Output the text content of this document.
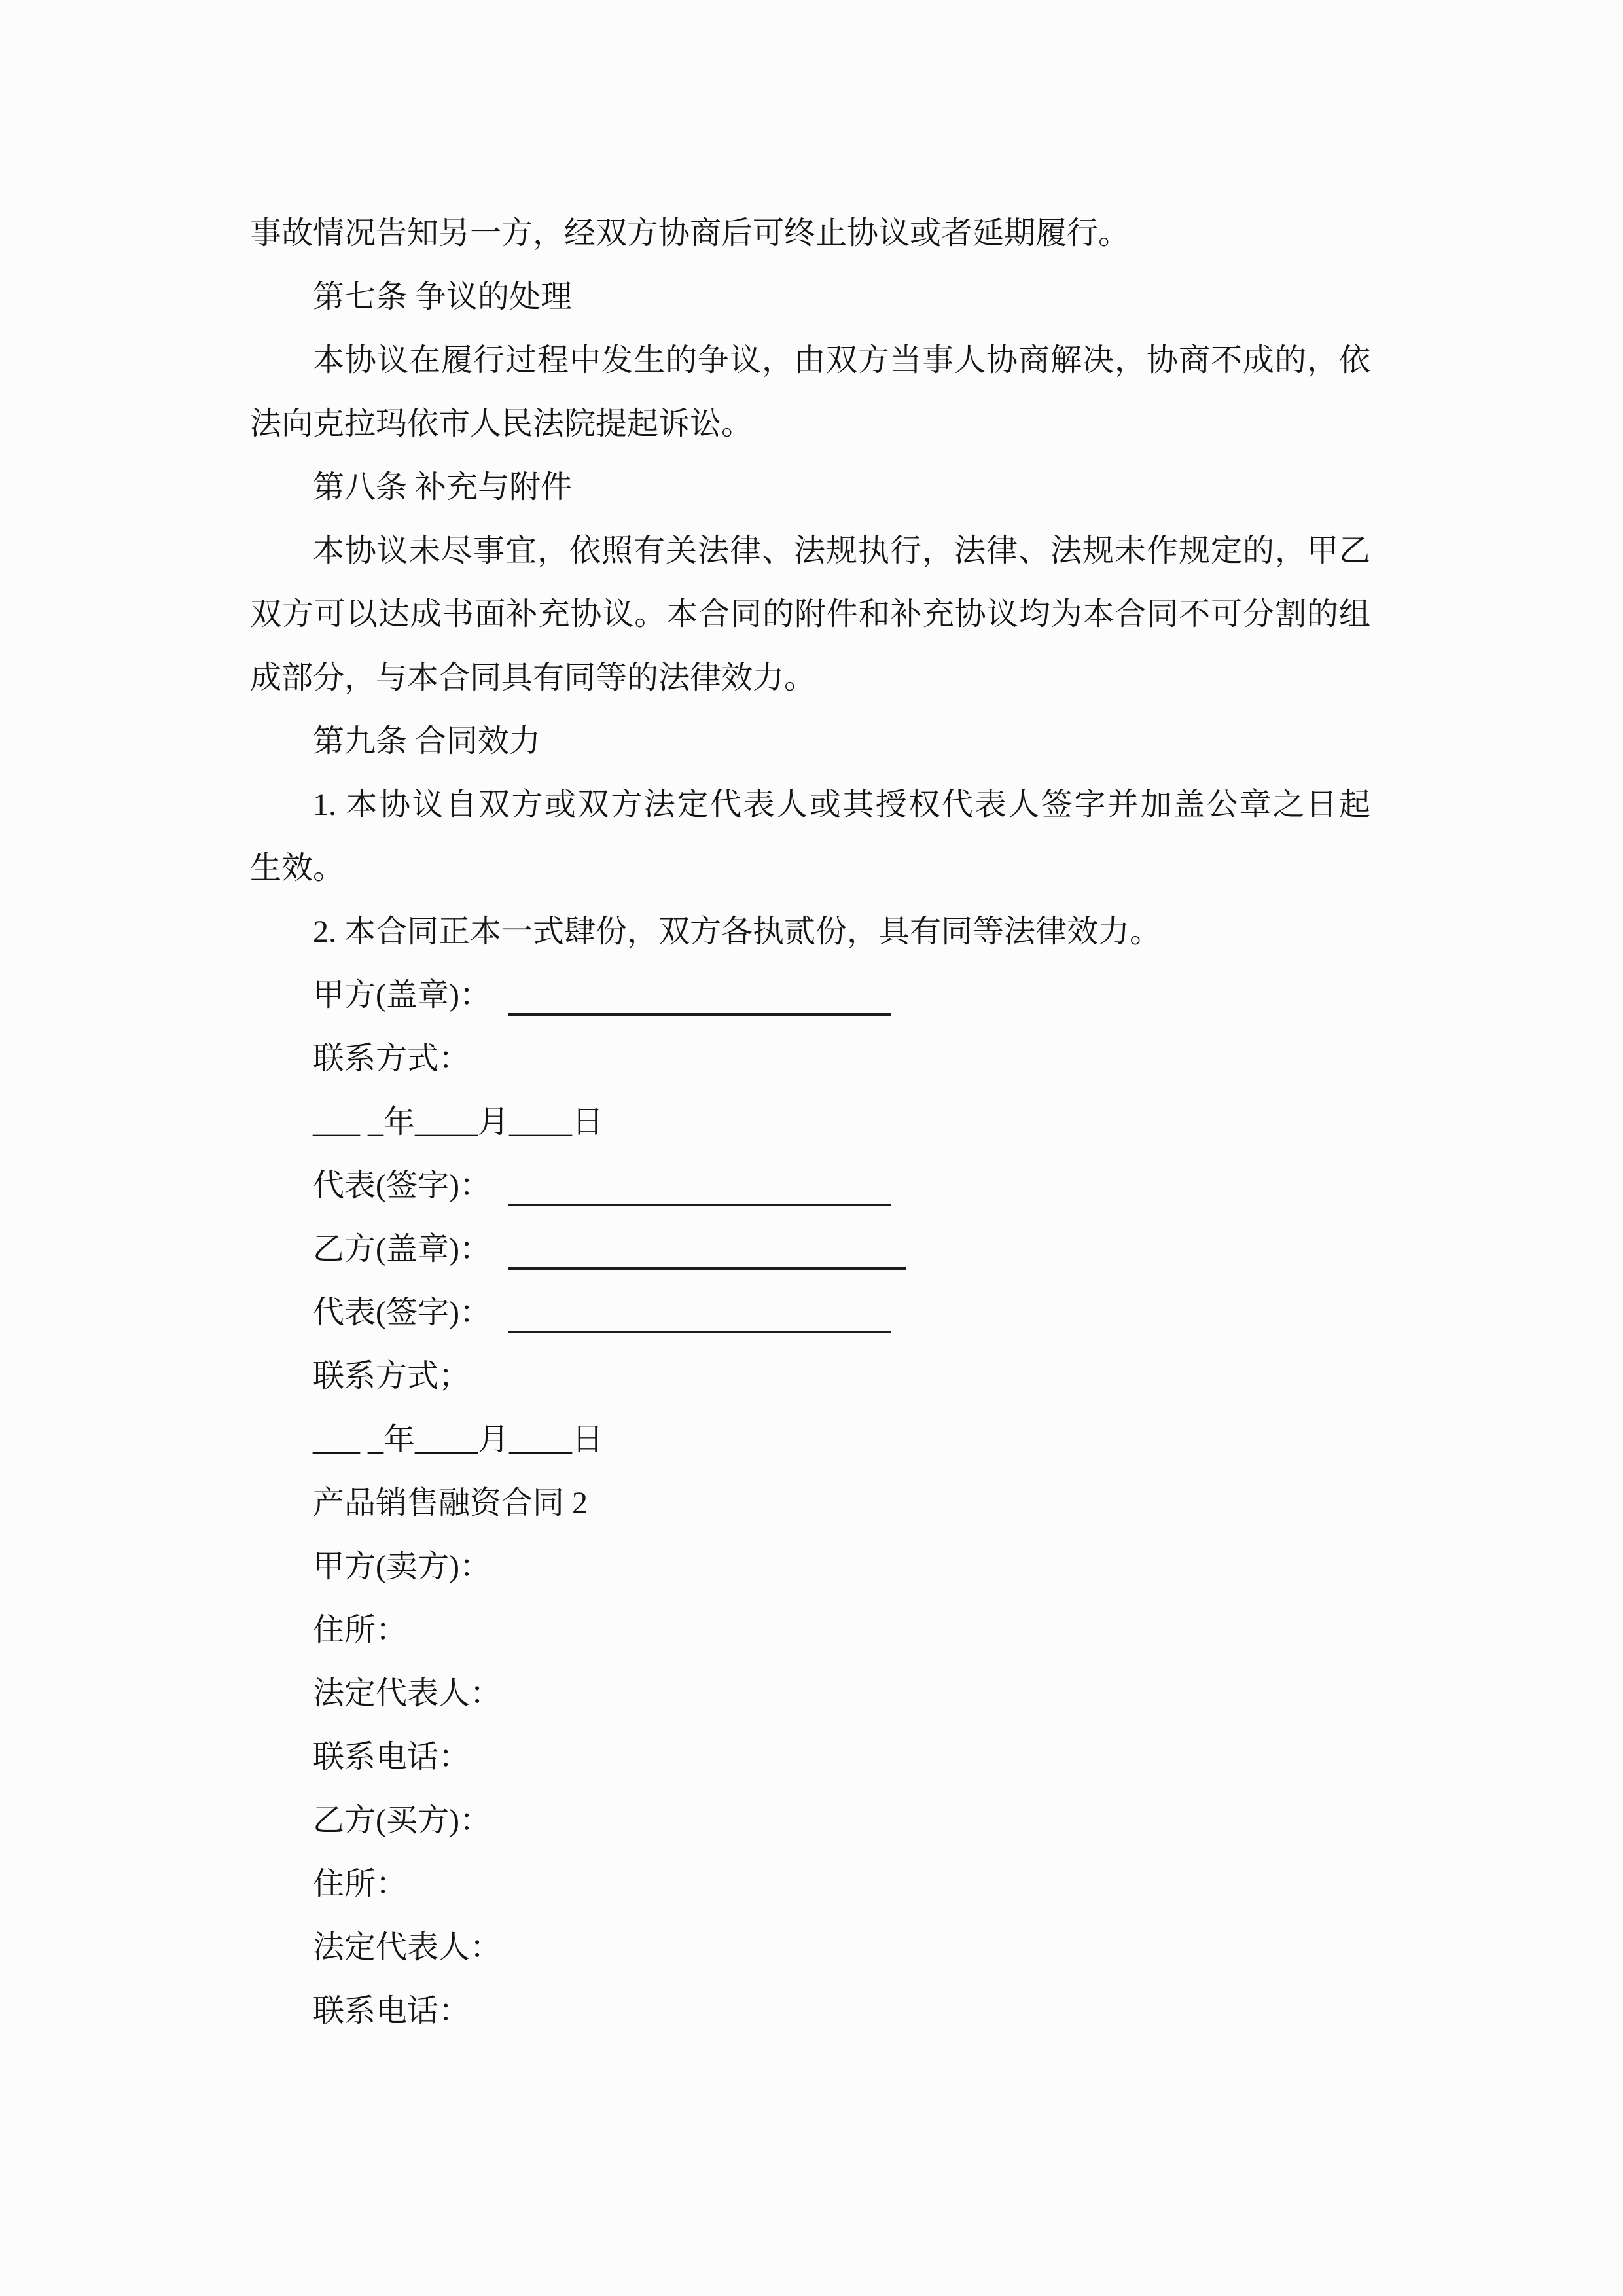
事故情况告知另一方，经双方协商后可终止协议或者延期履行。
第七条 争议的处理
本协议在履行过程中发生的争议，由双方当事人协商解决，协商不成的，依
法向克拉玛依市人民法院提起诉讼。
第八条 补充与附件
本协议未尽事宜，依照有关法律、法规执行，法律、法规未作规定的，甲乙
双方可以达成书面补充协议。本合同的附件和补充协议均为本合同不可分割的组
成部分，与本合同具有同等的法律效力。
第九条 合同效力
1. 本协议自双方或双方法定代表人或其授权代表人签字并加盖公章之日起
生效。
2. 本合同正本一式肆份，双方各执贰份，具有同等法律效力。
甲方(盖章)：
联系方式：
___ _年____月____日
代表(签字)：
乙方(盖章)：
代表(签字)：
联系方式；
___ _年____月____日
产品销售融资合同 2
甲方(卖方)：
住所：
法定代表人：
联系电话：
乙方(买方)：
住所：
法定代表人：
联系电话：
